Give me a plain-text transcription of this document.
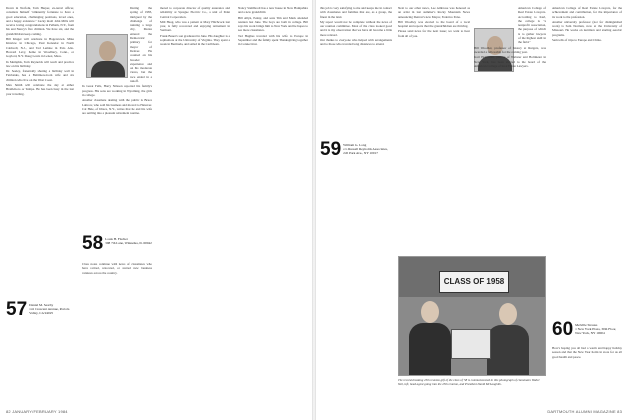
Down in Norfolk, Tom Harper, ex-naval officer, considers himself "eminently fortunate to have a good education, challenging positions, loved ones, and a happy existence." Lucky man! John Mills will receive loving congratulations in Pelham, N.Y., from his and Nancy's five children. We have six, and the grandchildren keep coming.

Bill Kluger will celebrate in Hagerstown. Mike Kinslow in Chicago, Paul Kenzelar in North Caldwell, N.J., and Ted Lemlee in Palo Alto. Howard Levy, home in Woodbury, Conn., or Gaylord, N.Y. Doug Lewis in Lenox, Mass.

In Memphis, Tom Reynolds will teach and practice law on his birthday.

Dr. Seeley, fraternally sharing a birthday well in Fairbanks, has a Baltimore-born wife and six children who live on the West Coast.

Max Smith will celebrate the day at either Brattleboro or Tempe. He has been busy in the last year traveling.

57 Daniel M. Searby
141 Crescent Avenue, Portola Valley, CA 94025

During the spring of 1983, intrigued by the challenge of running a large city, Monte entered the Democratic primary for mayor of Denver. He counted on his broader experience and on his moderate views, but the race ended in a runoff.

In Great Falls, Harry Nilsson reported his family's progress. His sons are working in Wyoming, the girls in college.

Another classmate dealing with the public is Bruce Luttrow, who sold his business and moved to Hanover. Cal Hale, of Ithaca, N.Y., writes that he and his wife are settling into a pleasant retirement routine.

58 Louis H. Fischer
398 7th Lane, Winnetka, IL 60042

Class notes continue with news of classmates who have retired, relocated, or started new business ventures across the country.

moted to corporate director of quality assurance and reliability at Sprague Electric Co., a unit of Penn Central Corporation.

Milt Haag, who was a patient at Mary Hitchcock last year, is fully recovered and enjoying retirement in Vermont.

Frank Bauer's son graduated in June. His daughter is a sophomore at the University of Virginia. They spent a week in Bermuda, and sailed in the Caribbean.

Nancy Stahlbrodt has a new house in New Hampshire and a new grandchild.

Bill Allyn, Penny, and sons Tim and Mark attended reunion last June. The boys are both in college. Bill says his work brings him to New York and he hopes to see more classmates.

Ted Hughes traveled with his wife to Europe in September and the family spent Thanksgiving together in Connecticut.

82 JANUARY/FEBRUARY 1984

this job is very satisfying to me and keeps me in contact with classmates and families that are, as a group, the finest in the land.

My report would not be complete without the news of our reunion committee. Most of the class looked good and it is my observation that we have all become a little more relaxed.

Our thanks to everyone who helped with arrangements and to those who traveled long distances to attend.

59 William G. Long
c/o Russell Reynolds Associates, 245 Park Ave., NY 10017

Next to our other news, Lee Ambrose was honored as an artist in last summer's Rocky Mountain News announcing Denver's new Mayor, Federico Pena.

Bill Woodley was elected to the board of a local hospital and reports that the grandchildren are thriving.

Please send news for the next issue; we want to hear from all of you.

American College of Real Estate Lawyers. According to Karl, the college is "a nonprofit association, the purpose of which is to gather lawyers of the highest skill in the field."

Bill Woodler, professor of history at Rutgers, was awarded a fellowship for the coming year.

Karl Holtmeier, partner of Webster and Holtmeier in New York, has been elected to the board of the American College of Real Estate Lawyers.

American College of Real Estate Lawyers, for the achievement and contribution, for the importance of its work to the profession.

Another university professor (not for distinguished work) is Sam Norman, now at the University of Missouri. He works on nutrition and starting aerobic programs.

Sam tells of trips to Europe and China.

CLASS OF 1958
The record-breaking 25th reunion gift of the class of '58 is commemorated in this photograph of classmates Walter Vail, left, head agent going into the 25th reunion, and President David McLaughlin.
60 Melville Strauss
1 New York Plaza, 30th Floor, New York, NY 10004

How's hoping you all had a warm and happy holiday season and that the New Year holds in store for us all good health and peace.

DARTMOUTH ALUMNI MAGAZINE 83
